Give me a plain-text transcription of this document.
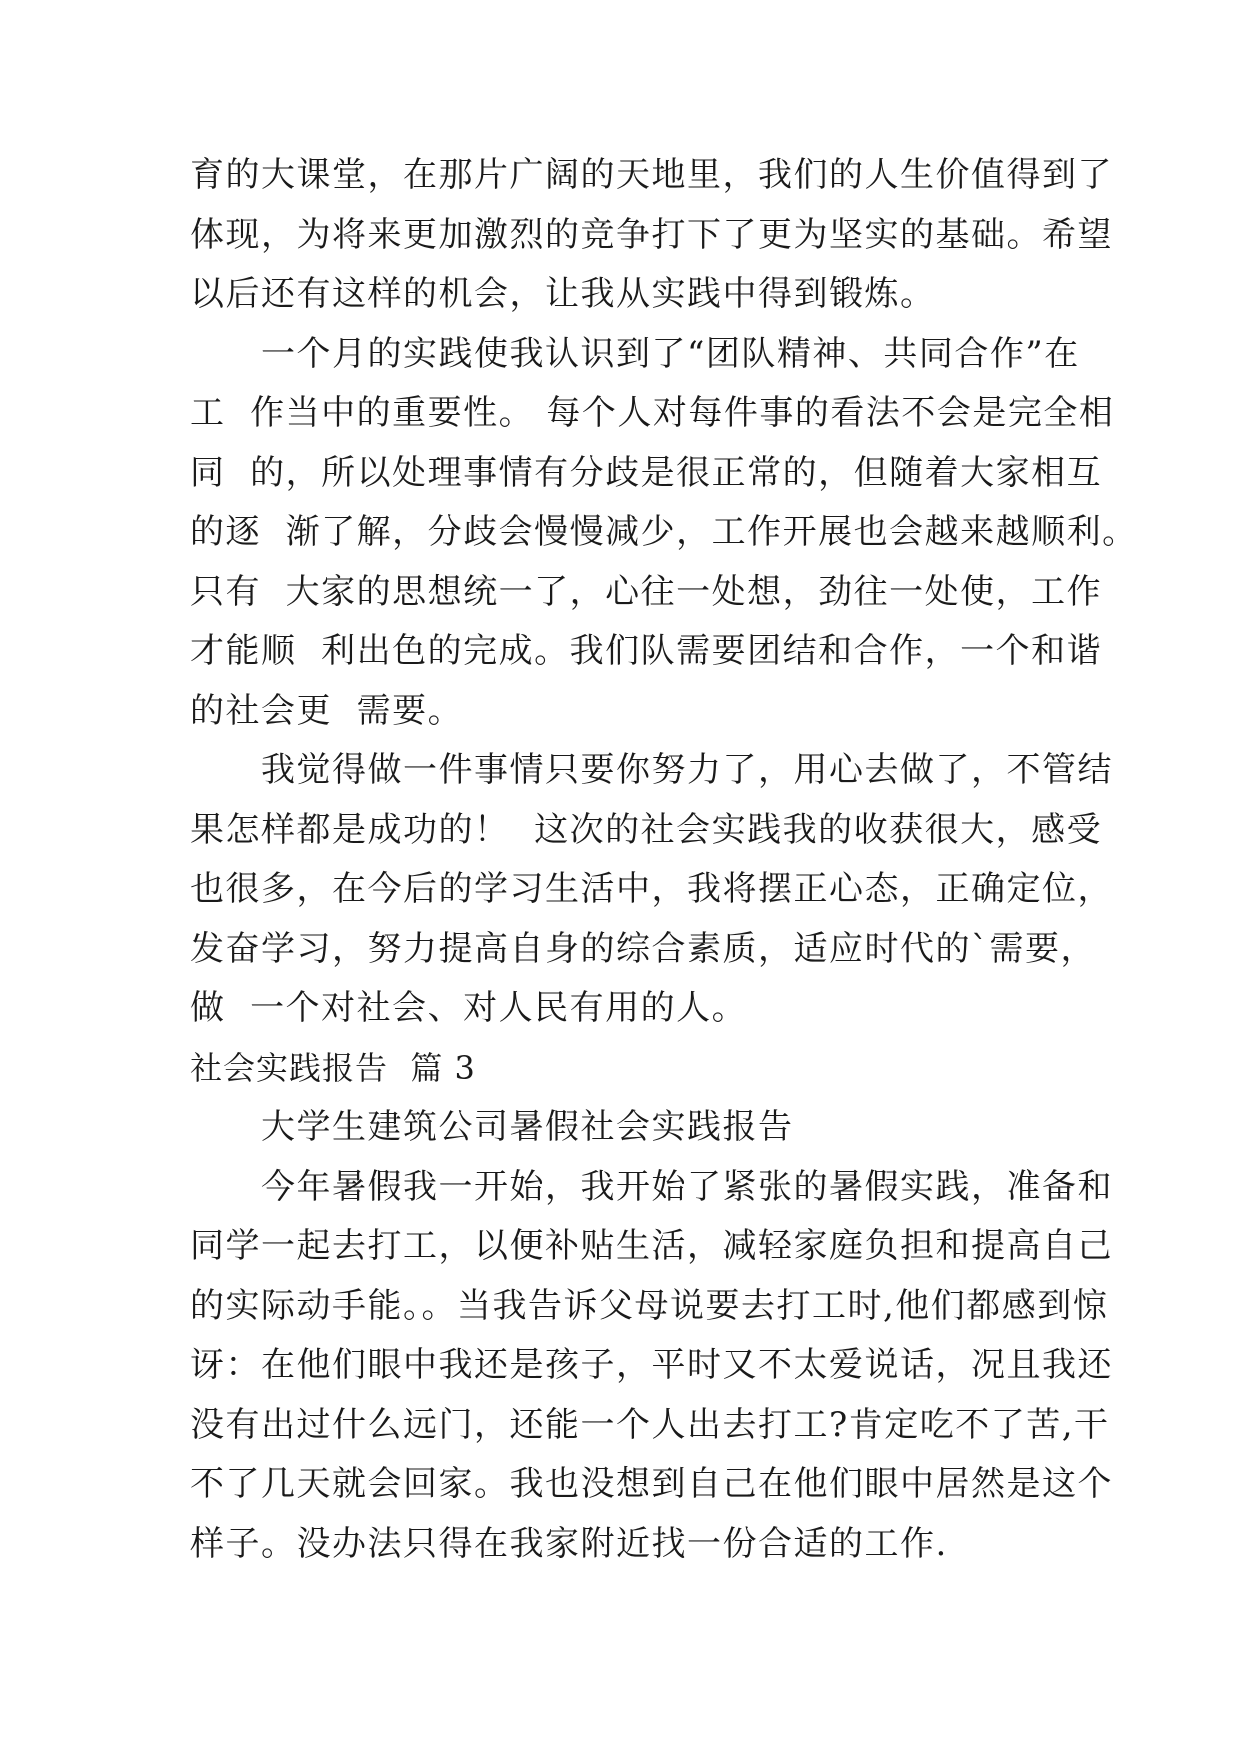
育的大课堂，在那片广阔的天地里，我们的人生价值得到了
体现，为将来更加激烈的竞争打下了更为坚实的基础。希望
以后还有这样的机会，让我从实践中得到锻炼。
　　一个月的实践使我认识到了“团队精神、共同合作”在
工  作当中的重要性。 每个人对每件事的看法不会是完全相
同  的，所以处理事情有分歧是很正常的，但随着大家相互
的逐  渐了解，分歧会慢慢减少，工作开展也会越来越顺利。
只有  大家的思想统一了，心往一处想，劲往一处使，工作
才能顺  利出色的完成。我们队需要团结和合作，一个和谐
的社会更  需要。
　　我觉得做一件事情只要你努力了，用心去做了，不管结
果怎样都是成功的！  这次的社会实践我的收获很大，感受
也很多，在今后的学习生活中，我将摆正心态，正确定位，
发奋学习，努力提高自身的综合素质，适应时代的`需要，
做  一个对社会、对人民有用的人。
社会实践报告  篇 3
　　大学生建筑公司暑假社会实践报告
　　今年暑假我一开始，我开始了紧张的暑假实践，准备和
同学一起去打工，以便补贴生活，减轻家庭负担和提高自己
的实际动手能。。当我告诉父母说要去打工时,他们都感到惊
讶：在他们眼中我还是孩子，平时又不太爱说话，况且我还
没有出过什么远门，还能一个人出去打工?肯定吃不了苦,干
不了几天就会回家。我也没想到自己在他们眼中居然是这个
样子。没办法只得在我家附近找一份合适的工作.
